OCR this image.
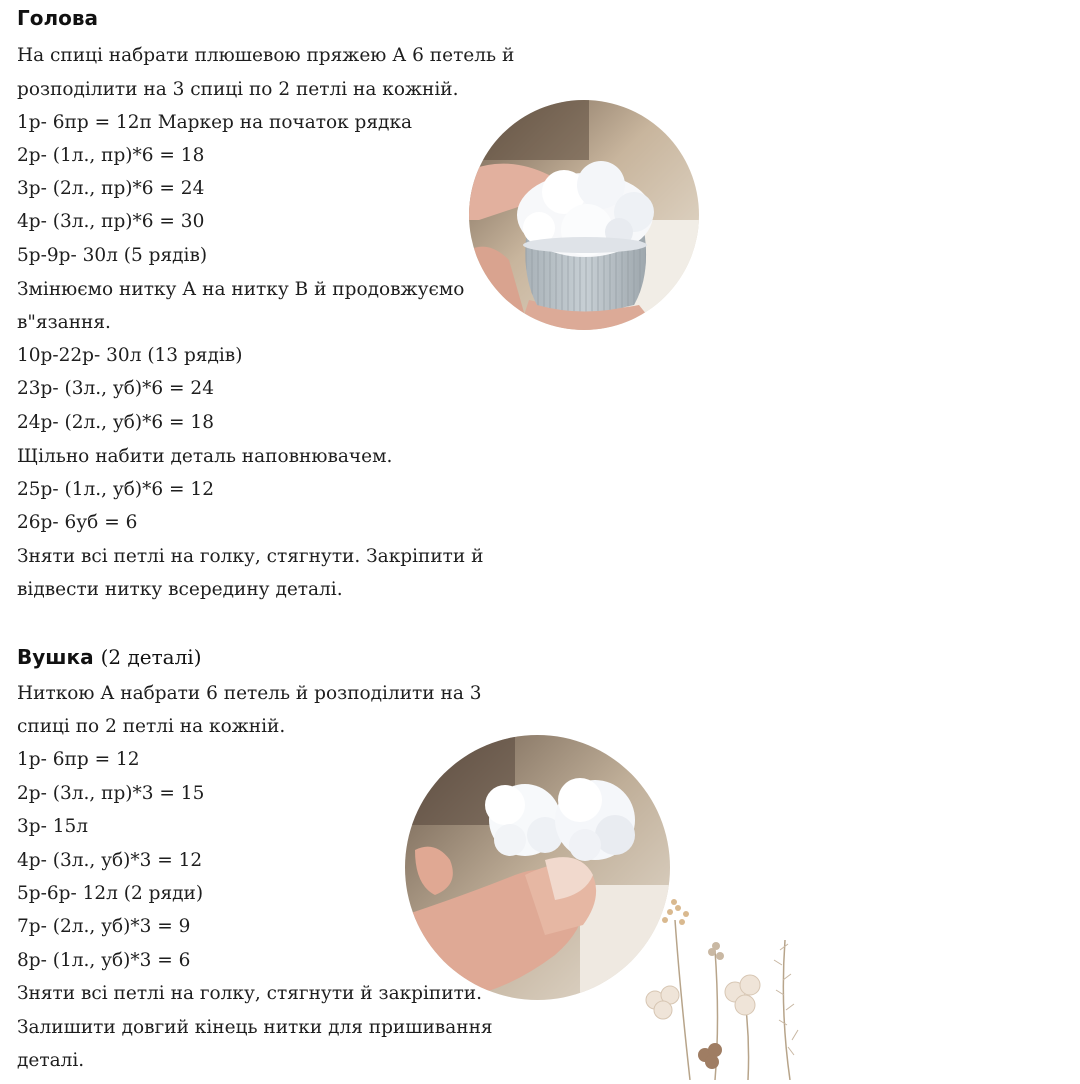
Голова

На спиці набрати плюшевою пряжею А 6 петель й

розподілити на 3 спиці по 2 петлі на кожній.

1р- 6пр = 12п Маркер на початок рядка

2р- (1л., пр)*6 = 18

3р- (2л., пр)*6 = 24

4р- (3л., пр)*6 = 30

5р-9р- 30л (5 рядів)

Змінюємо нитку А на нитку В й продовжуємо

в"язання.

10р-22р- 30л (13 рядів)

23р- (3л., уб)*6 = 24

24р- (2л., уб)*6 = 18

Щільно набити деталь наповнювачем.

25р- (1л., уб)*6 = 12

26р- 6уб = 6

Зняти всі петлі на голку, стягнути. Закріпити й

відвести нитку всередину деталі.

Вушка (2 деталі)

Ниткою А набрати 6 петель й розподілити на 3

спиці по 2 петлі на кожній.

1р- 6пр = 12

2р- (3л., пр)*3 = 15

3р- 15л

4р- (3л., уб)*3 = 12

5р-6р- 12л (2 ряди)

7р- (2л., уб)*3 = 9

8р- (1л., уб)*3 = 6

Зняти всі петлі на голку, стягнути й закріпити.

Залишити довгий кінець нитки для пришивання

деталі.
